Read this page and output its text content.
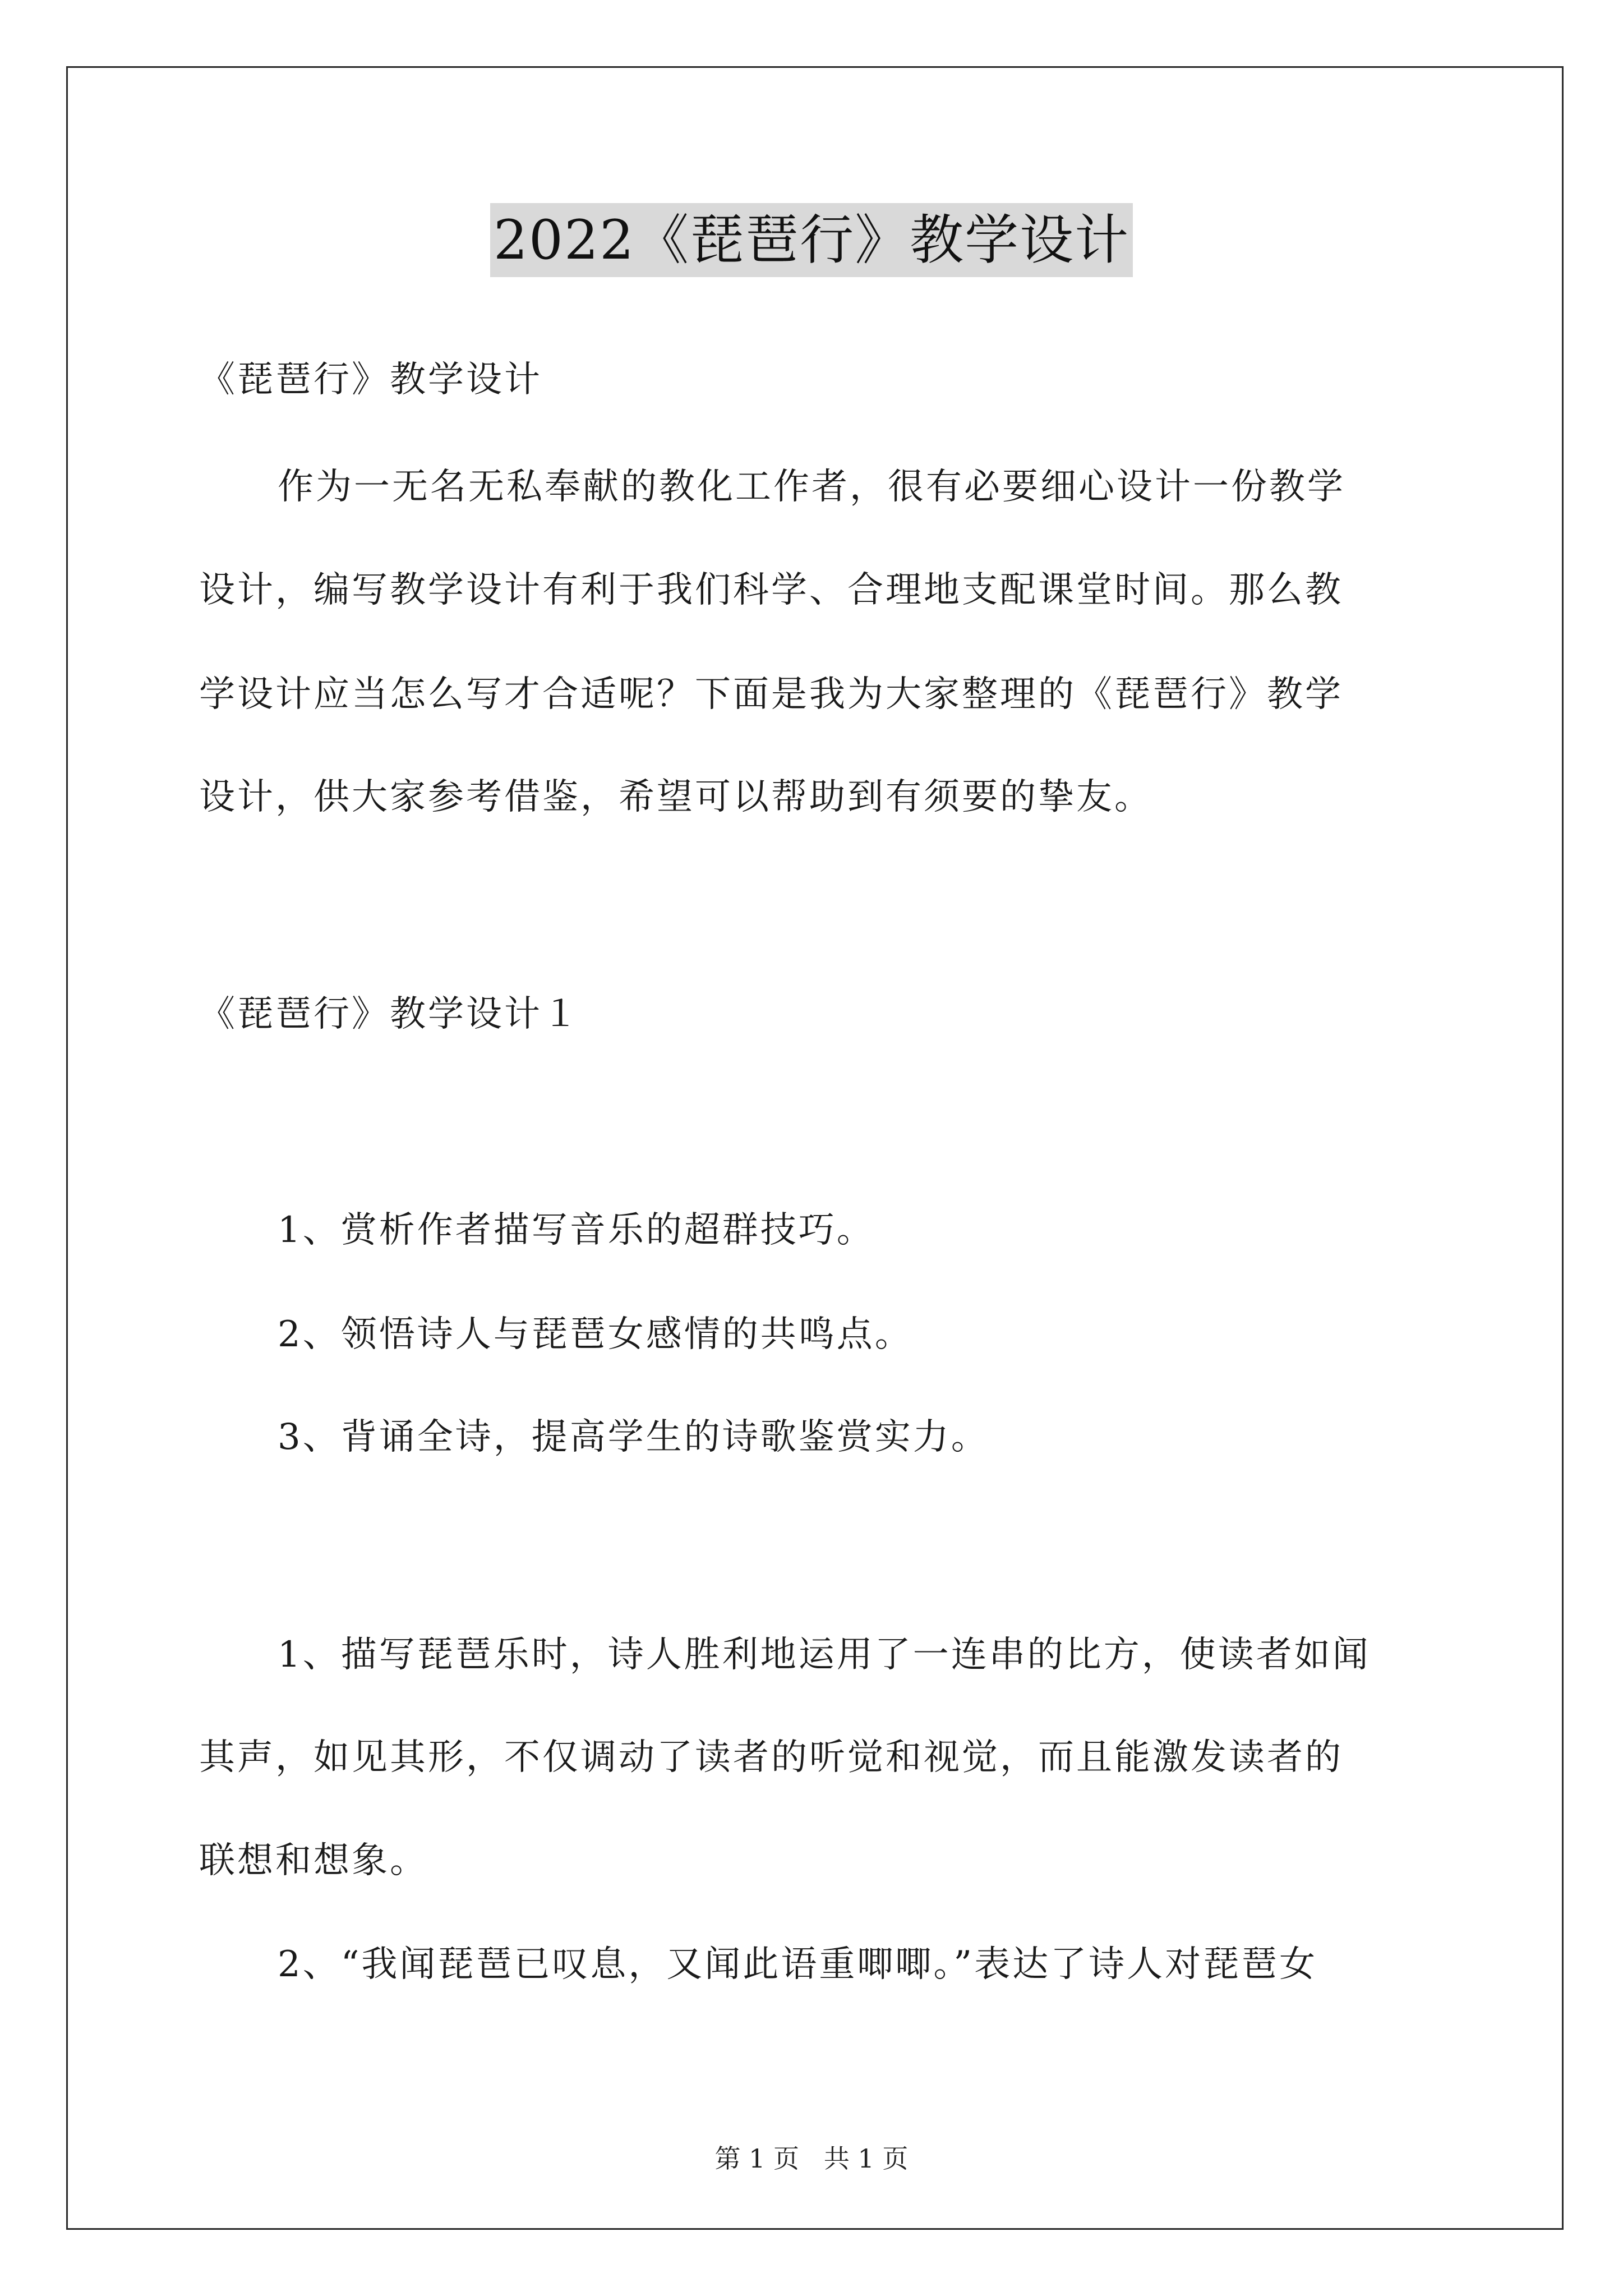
2022《琵琶行》教学设计
《琵琶行》教学设计
作为一无名无私奉献的教化工作者，很有必要细心设计一份教学
设计，编写教学设计有利于我们科学、合理地支配课堂时间。那么教
学设计应当怎么写才合适呢？下面是我为大家整理的《琵琶行》教学
设计，供大家参考借鉴，希望可以帮助到有须要的挚友。
《琵琶行》教学设计１
1、赏析作者描写音乐的超群技巧。
2、领悟诗人与琵琶女感情的共鸣点。
3、背诵全诗，提高学生的诗歌鉴赏实力。
1、描写琵琶乐时，诗人胜利地运用了一连串的比方，使读者如闻
其声，如见其形，不仅调动了读者的听觉和视觉，而且能激发读者的
联想和想象。
2、“我闻琵琶已叹息，又闻此语重唧唧。”表达了诗人对琵琶女
第 1 页   共 1 页
